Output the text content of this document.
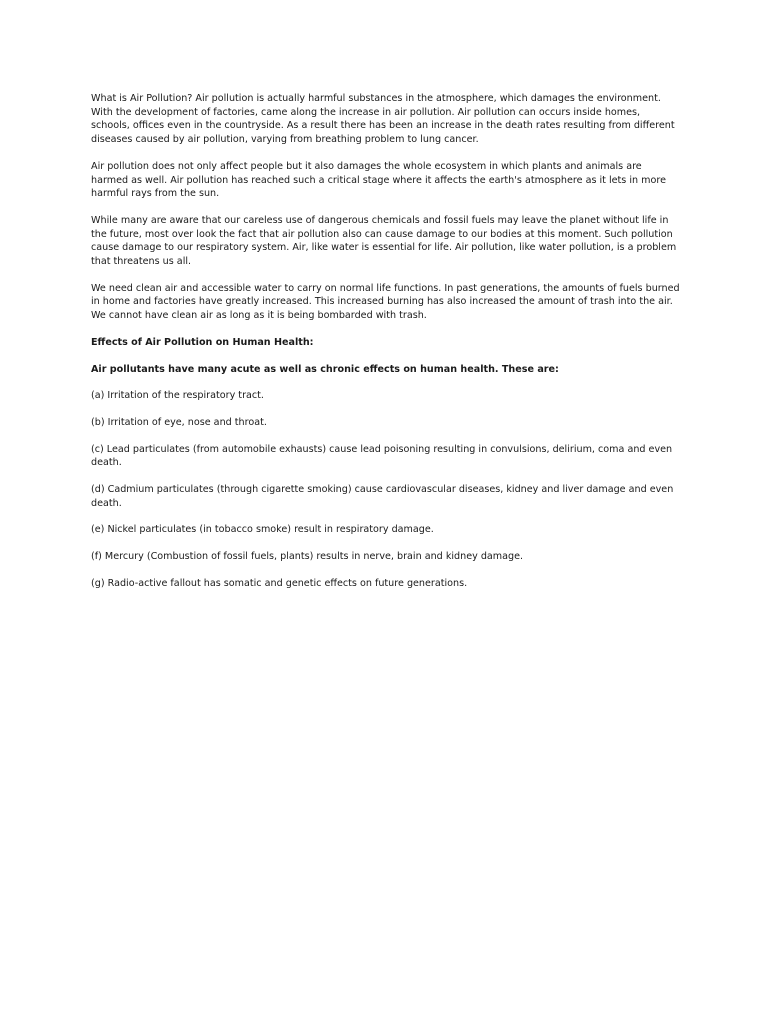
What is Air Pollution? Air pollution is actually harmful substances in the atmosphere, which damages the environment. With the development of factories, came along the increase in air pollution. Air pollution can occurs inside homes, schools, offices even in the countryside. As a result there has been an increase in the death rates resulting from different diseases caused by air pollution, varying from breathing problem to lung cancer.

Air pollution does not only affect people but it also damages the whole ecosystem in which plants and animals are harmed as well. Air pollution has reached such a critical stage where it affects the earth's atmosphere as it lets in more harmful rays from the sun.

While many are aware that our careless use of dangerous chemicals and fossil fuels may leave the planet without life in the future, most over look the fact that air pollution also can cause damage to our bodies at this moment. Such pollution cause damage to our respiratory system. Air, like water is essential for life. Air pollution, like water pollution, is a problem that threatens us all.

We need clean air and accessible water to carry on normal life functions. In past generations, the amounts of fuels burned in home and factories have greatly increased. This increased burning has also increased the amount of trash into the air. We cannot have clean air as long as it is being bombarded with trash.

Effects of Air Pollution on Human Health:

Air pollutants have many acute as well as chronic effects on human health. These are:

(a) Irritation of the respiratory tract.

(b) Irritation of eye, nose and throat.

(c) Lead particulates (from automobile exhausts) cause lead poisoning resulting in convulsions, delirium, coma and even death.

(d) Cadmium particulates (through cigarette smoking) cause cardiovascular diseases, kidney and liver damage and even death.

(e) Nickel particulates (in tobacco smoke) result in respiratory damage.

(f) Mercury (Combustion of fossil fuels, plants) results in nerve, brain and kidney damage.

(g) Radio-active fallout has somatic and genetic effects on future generations.
